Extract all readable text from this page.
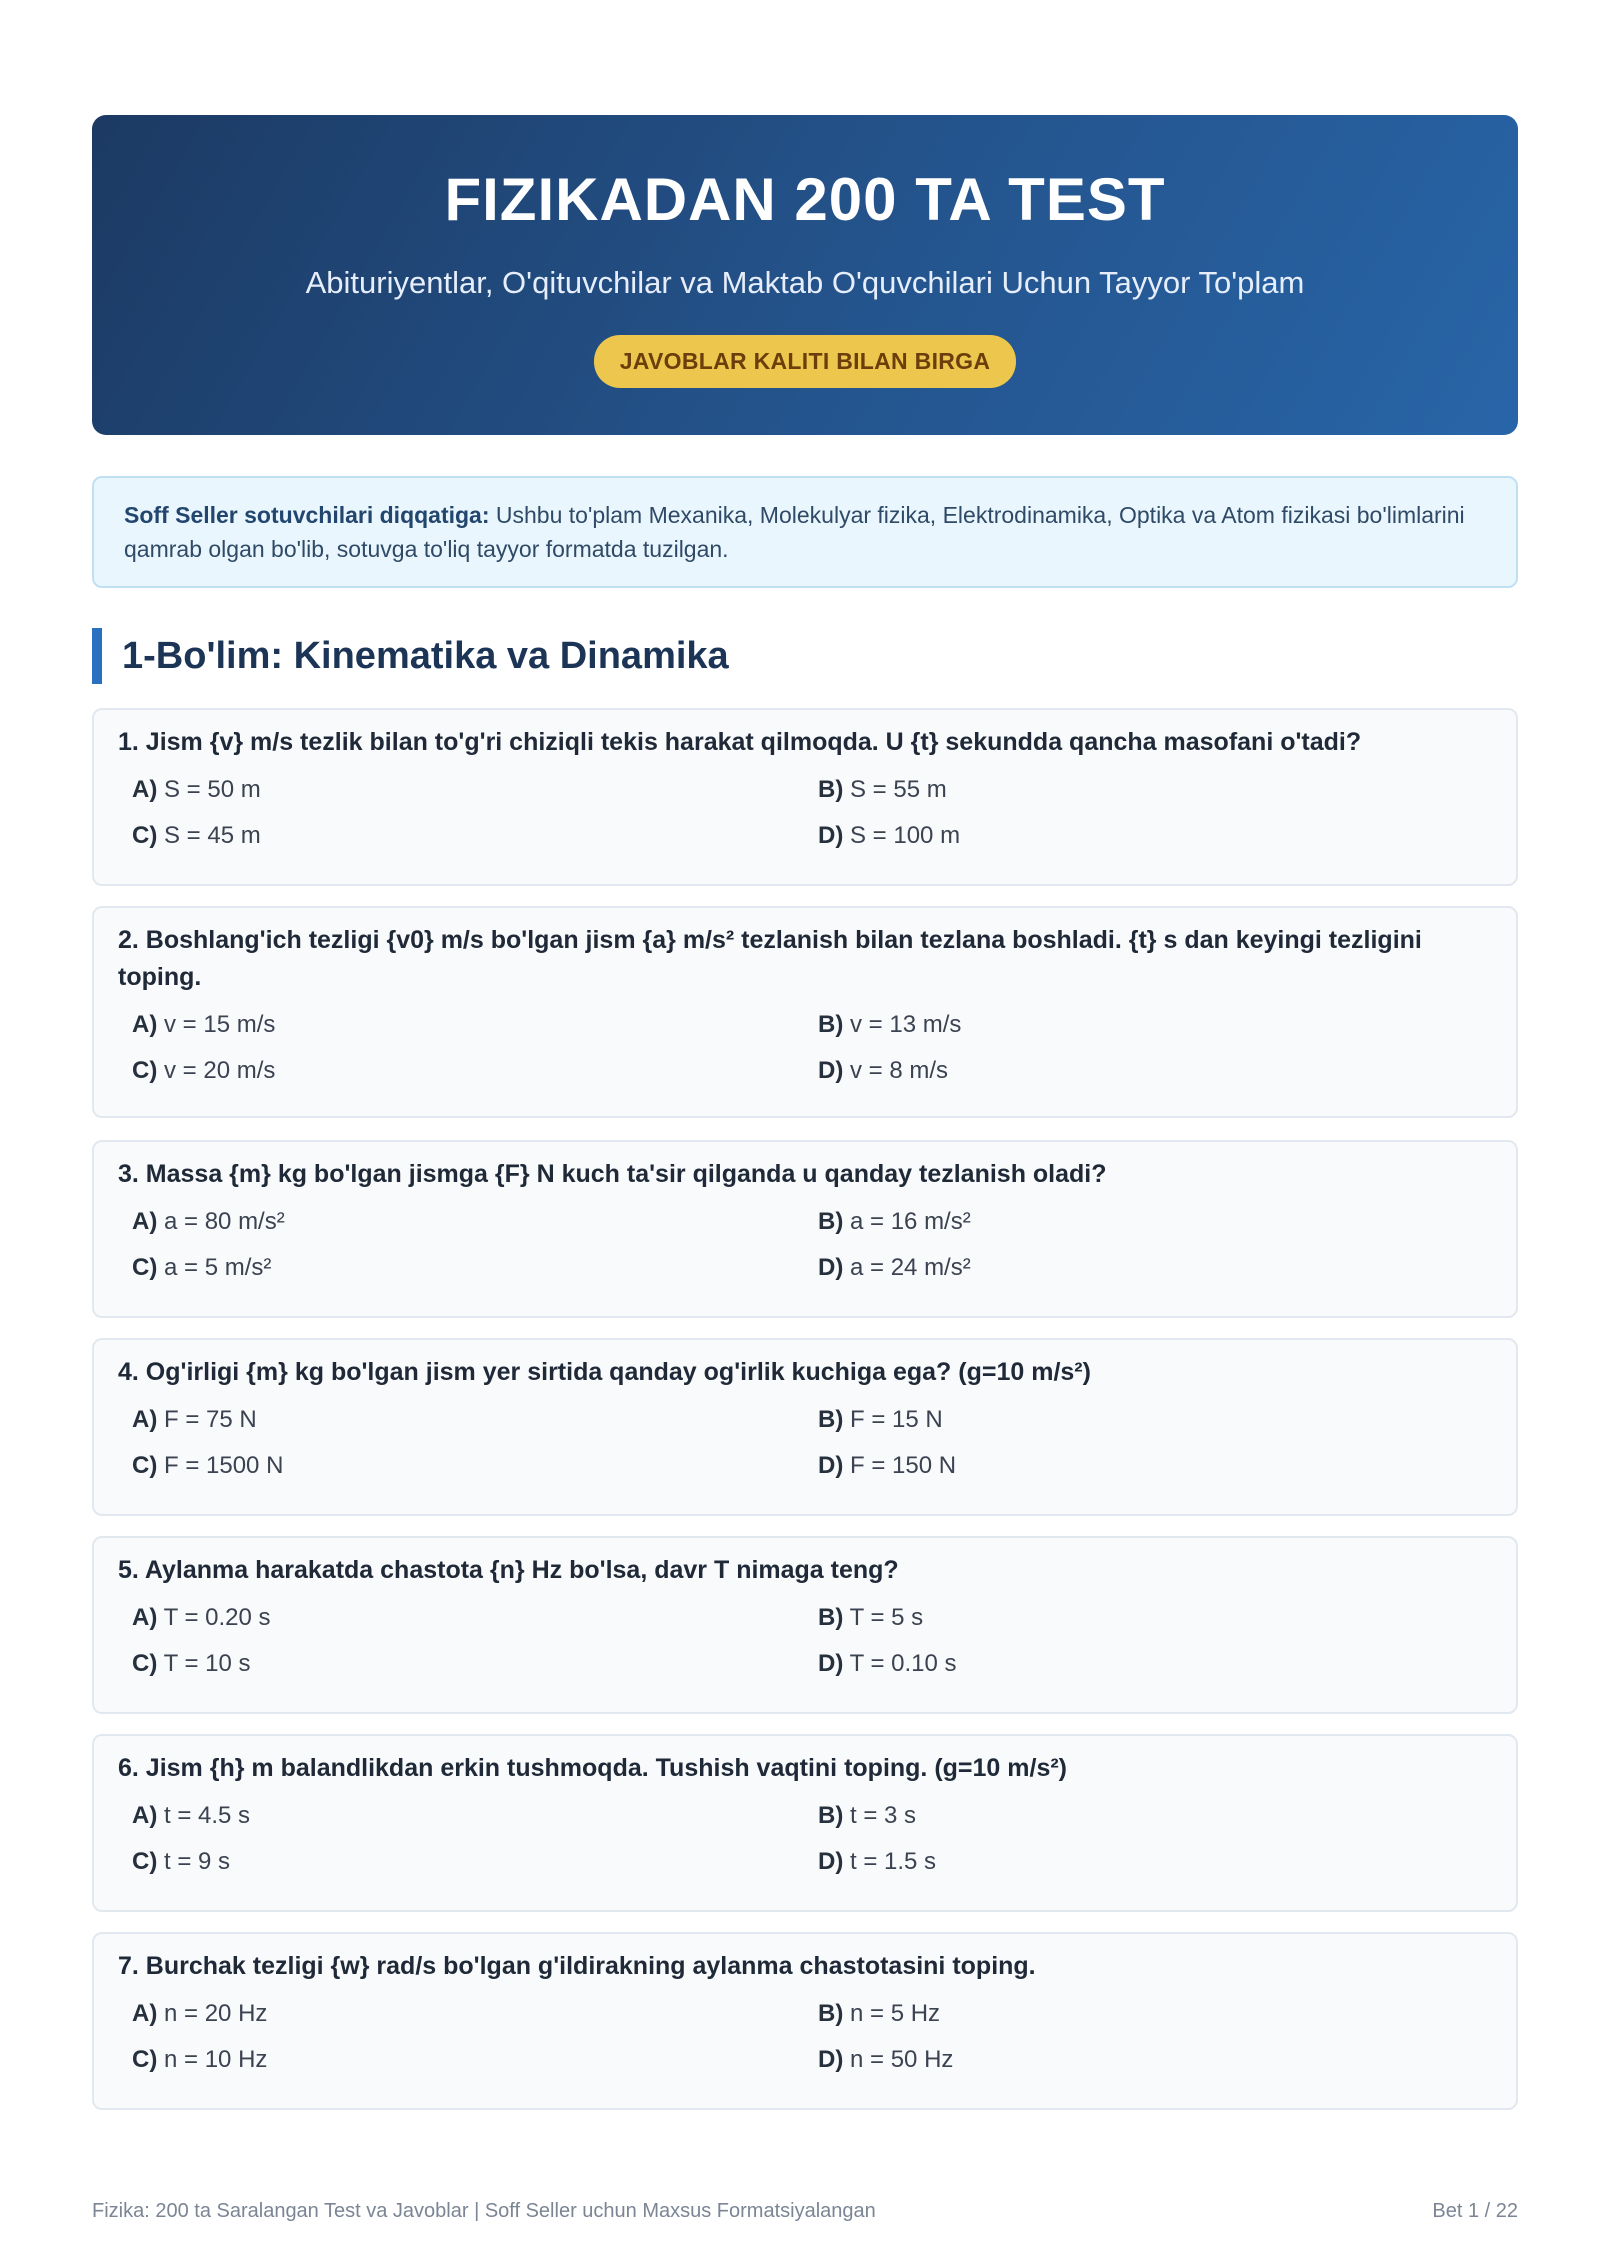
FIZIKADAN 200 TA TEST
Abituriyentlar, O'qituvchilar va Maktab O'quvchilari Uchun Tayyor To'plam
JAVOBLAR KALITI BILAN BIRGA
Soff Seller sotuvchilari diqqatiga: Ushbu to'plam Mexanika, Molekulyar fizika, Elektrodinamika, Optika va Atom fizikasi bo'limlarini qamrab olgan bo'lib, sotuvga to'liq tayyor formatda tuzilgan.
1-Bo'lim: Kinematika va Dinamika
1. Jism {v} m/s tezlik bilan to'g'ri chiziqli tekis harakat qilmoqda. U {t} sekundda qancha masofani o'tadi?
A) S = 50 m	B) S = 55 m
C) S = 45 m	D) S = 100 m
2. Boshlang'ich tezligi {v0} m/s bo'lgan jism {a} m/s² tezlanish bilan tezlana boshladi. {t} s dan keyingi tezligini toping.
A) v = 15 m/s	B) v = 13 m/s
C) v = 20 m/s	D) v = 8 m/s
3. Massa {m} kg bo'lgan jismga {F} N kuch ta'sir qilganda u qanday tezlanish oladi?
A) a = 80 m/s²	B) a = 16 m/s²
C) a = 5 m/s²	D) a = 24 m/s²
4. Og'irligi {m} kg bo'lgan jism yer sirtida qanday og'irlik kuchiga ega? (g=10 m/s²)
A) F = 75 N	B) F = 15 N
C) F = 1500 N	D) F = 150 N
5. Aylanma harakatda chastota {n} Hz bo'lsa, davr T nimaga teng?
A) T = 0.20 s	B) T = 5 s
C) T = 10 s	D) T = 0.10 s
6. Jism {h} m balandlikdan erkin tushmoqda. Tushish vaqtini toping. (g=10 m/s²)
A) t = 4.5 s	B) t = 3 s
C) t = 9 s	D) t = 1.5 s
7. Burchak tezligi {w} rad/s bo'lgan g'ildirakning aylanma chastotasini toping.
A) n = 20 Hz	B) n = 5 Hz
C) n = 10 Hz	D) n = 50 Hz
Fizika: 200 ta Saralangan Test va Javoblar | Soff Seller uchun Maxsus Formatsiyalangan	Bet 1 / 22
